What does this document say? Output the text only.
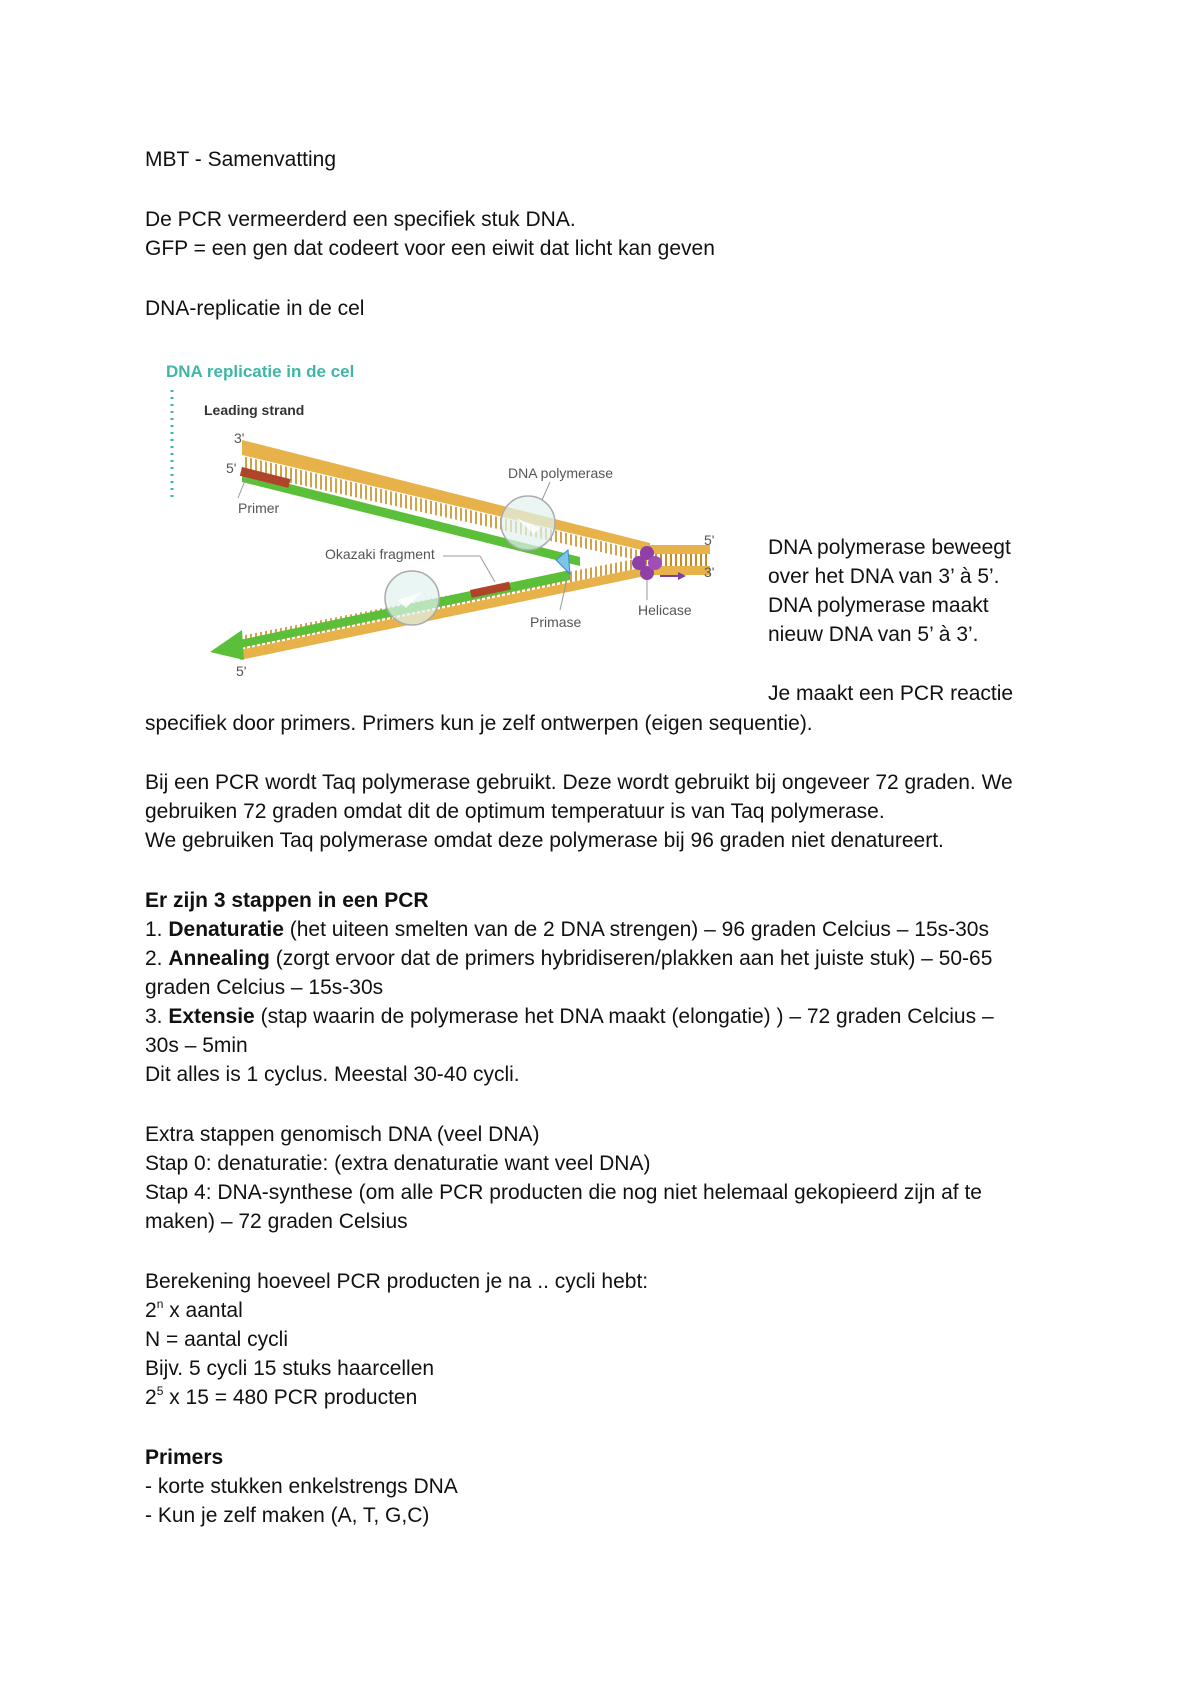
MBT - Samenvatting
De PCR vermeerderd een specifiek stuk DNA.
GFP = een gen dat codeert voor een eiwit dat licht kan geven
DNA-replicatie in de cel
DNA replicatie in de cel
Leading strand
3'
5'
Primer
DNA polymerase
Okazaki fragment
5'
3'
Helicase
Primase
5'
DNA polymerase beweegt
over het DNA van 3’ à 5’.
DNA polymerase maakt
nieuw DNA van 5’ à 3’.
Je maakt een PCR reactie
specifiek door primers. Primers kun je zelf ontwerpen (eigen sequentie).
Bij een PCR wordt Taq polymerase gebruikt. Deze wordt gebruikt bij ongeveer 72 graden. We
gebruiken 72 graden omdat dit de optimum temperatuur is van Taq polymerase.
We gebruiken Taq polymerase omdat deze polymerase bij 96 graden niet denatureert.
Er zijn 3 stappen in een PCR
1. Denaturatie (het uiteen smelten van de 2 DNA strengen) – 96 graden Celcius – 15s-30s
2. Annealing (zorgt ervoor dat de primers hybridiseren/plakken aan het juiste stuk) – 50-65
graden Celcius – 15s-30s
3. Extensie (stap waarin de polymerase het DNA maakt (elongatie) ) – 72 graden Celcius –
30s – 5min
Dit alles is 1 cyclus. Meestal 30-40 cycli.
Extra stappen genomisch DNA (veel DNA)
Stap 0: denaturatie: (extra denaturatie want veel DNA)
Stap 4: DNA-synthese (om alle PCR producten die nog niet helemaal gekopieerd zijn af te
maken) – 72 graden Celsius
Berekening hoeveel PCR producten je na .. cycli hebt:
2$^n$ x aantal
N = aantal cycli
Bijv. 5 cycli 15 stuks haarcellen
$2^5$ x 15 = 480 PCR producten
Primers
- korte stukken enkelstrengs DNA
- Kun je zelf maken (A, T, G,C)
